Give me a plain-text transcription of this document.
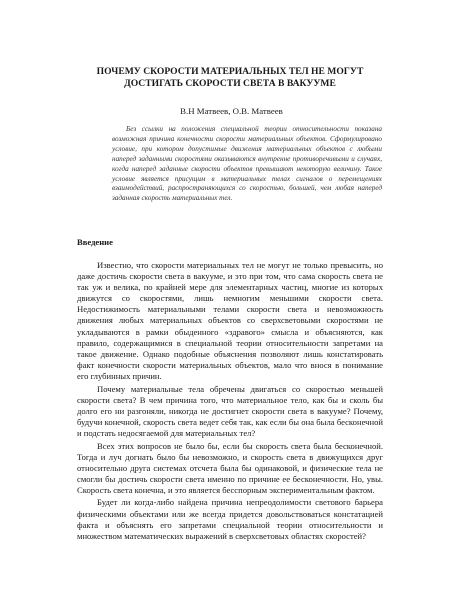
ПОЧЕМУ СКОРОСТИ МАТЕРИАЛЬНЫХ ТЕЛ НЕ МОГУТ
ДОСТИГАТЬ СКОРОСТИ СВЕТА В ВАКУУМЕ
В.Н Матвеев, О.В. Матвеев
Без ссылки на положения специальной теории относительности показана возможная причина конечности скорости материальных объектов. Сформулировано условие, при котором допустимые движения материальных объектов с любыми наперед заданными скоростями оказываются внутренне противоречивыми и случаях, когда наперед заданные скорости объектов превышают некоторую величину. Такое условие является присущим в материальных телах сигналов о перемещениях взаимодействий, распространяющихся со скоростью, большей, чем любая наперед заданная скорость материальных тел.
Введение

Известно, что скорости материальных тел не могут не только превысить, но даже достичь скорости света в вакууме, и это при том, что сама скорость света не так уж и велика, по крайней мере для элементарных частиц, многие из которых движутся со скоростями, лишь немногим меньшими скорости света. Недостижимость материальными телами скорости света и невозможность движения любых материальных объектов со сверхсветовыми скоростями не укладываются в рамки обыденного «здравого» смысла и объясняются, как правило, содержащимися в специальной теории относительности запретами на такое движение. Однако подобные объяснения позволяют лишь констатировать факт конечности скорости материальных объектов, мало что внося в понимание его глубинных причин.

Почему материальные тела обречены двигаться со скоростью меньшей скорости света? В чем причина того, что материальное тело, как бы и сколь бы долго его ни разгоняли, никогда не достигнет скорости света в вакууме? Почему, будучи конечной, скорость света ведет себя так, как если бы она была бесконечной и подстать недосягаемой для материальных тел?

Всех этих вопросов не было бы, если бы скорость света была бесконечной. Тогда и луч догнать было бы невозможно, и скорость света в движущихся друг относительно друга системах отсчета была бы одинаковой, и физические тела не смогли бы достичь скорости света именно по причине ее бесконечности. Но, увы. Скорость света конечна, и это является бесспорным экспериментальным фактом.

Будет ли когда-либо найдена причина непреодолимости светового барьера физическими объектами или же всегда придется довольствоваться констатацией факта и объяснять его запретами специальной теории относительности и множеством математических выражений в сверхсветовых областях скоростей?
